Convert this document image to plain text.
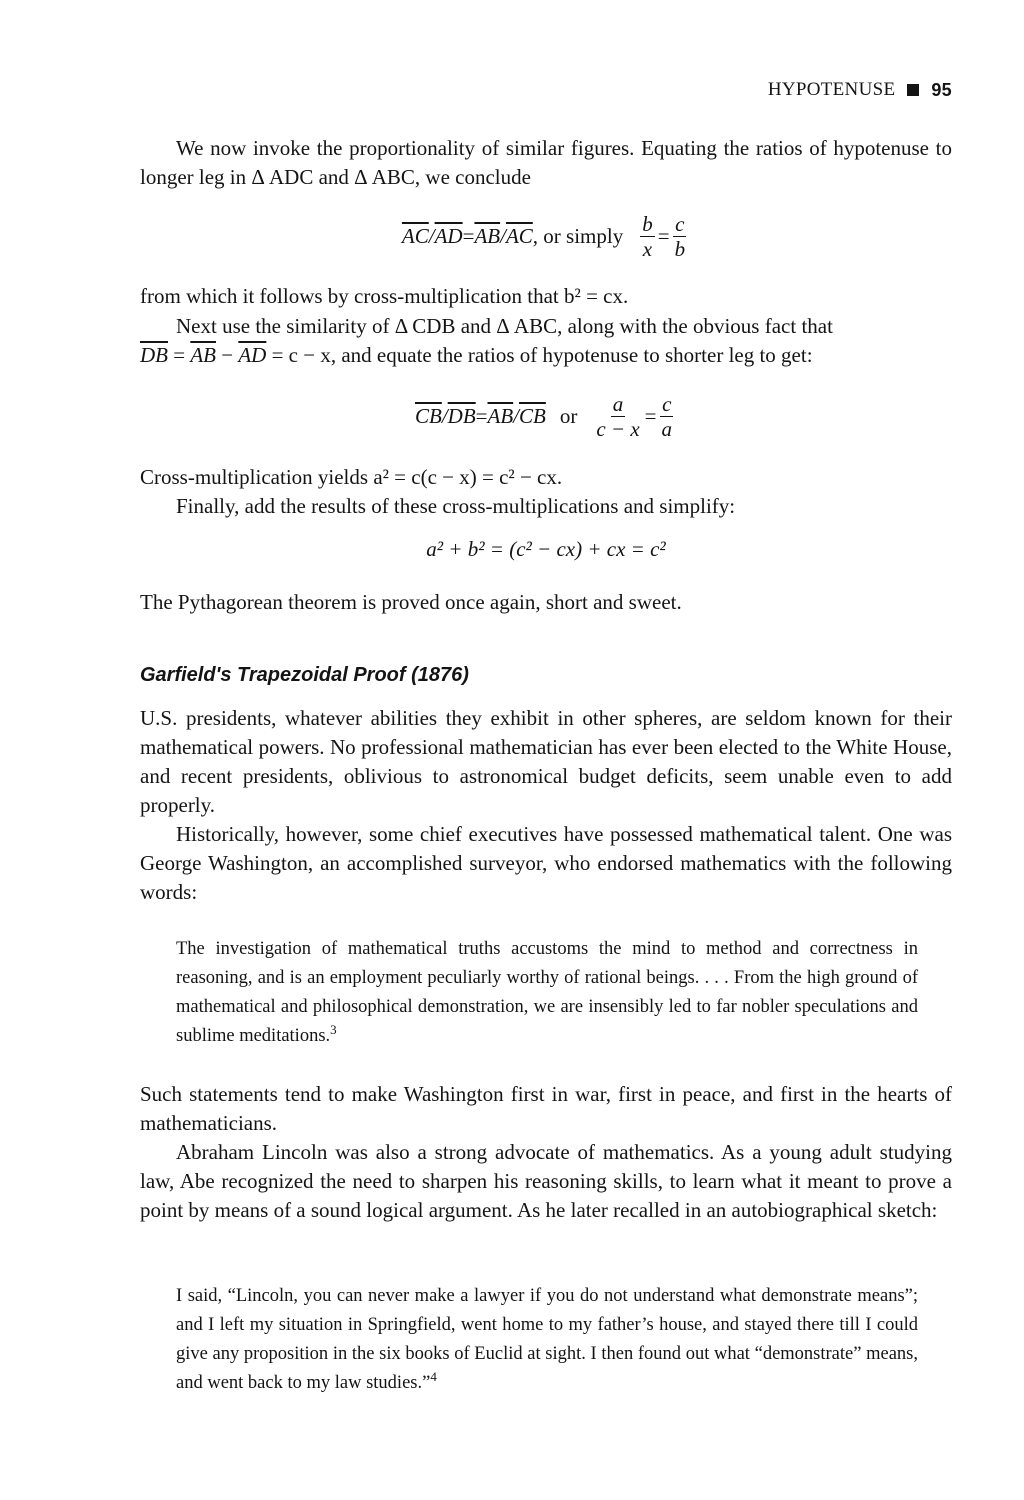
HYPOTENUSE 95

We now invoke the proportionality of similar figures. Equating the ratios of hypotenuse to longer leg in Δ ADC and Δ ABC, we conclude

$\overline{AC} / \overline{AD} = \overline{AB} / \overline{AC}$ , or simply $\frac{b}{x} = \frac{c}{b}$

from which it follows by cross-multiplication that b² = cx.

Next use the similarity of Δ CDB and Δ ABC, along with the obvious fact that

$\overline{DB} = \overline{AB} - \overline{AD} = c - x$, and equate the ratios of hypotenuse to shorter leg to get:

$\overline{CB} / \overline{DB} = \overline{AB} / \overline{CB}$ or $\frac{a}{c - x} = \frac{c}{a}$

Cross-multiplication yields a² = c(c − x) = c² − cx.

Finally, add the results of these cross-multiplications and simplify:

a² + b² = (c² − cx) + cx = c²

The Pythagorean theorem is proved once again, short and sweet.

Garfield's Trapezoidal Proof (1876)

U.S. presidents, whatever abilities they exhibit in other spheres, are seldom known for their mathematical powers. No professional mathematician has ever been elected to the White House, and recent presidents, oblivious to astronomical budget deficits, seem unable even to add properly.

Historically, however, some chief executives have possessed mathematical talent. One was George Washington, an accomplished surveyor, who endorsed mathematics with the following words:

The investigation of mathematical truths accustoms the mind to method and correctness in reasoning, and is an employment peculiarly worthy of rational beings. . . . From the high ground of mathematical and philosophical demonstration, we are insensibly led to far nobler speculations and sublime meditations.$^3$

Such statements tend to make Washington first in war, first in peace, and first in the hearts of mathematicians.

Abraham Lincoln was also a strong advocate of mathematics. As a young adult studying law, Abe recognized the need to sharpen his reasoning skills, to learn what it meant to prove a point by means of a sound logical argument. As he later recalled in an autobiographical sketch:

I said, “Lincoln, you can never make a lawyer if you do not understand what demonstrate means”; and I left my situation in Springfield, went home to my father’s house, and stayed there till I could give any proposition in the six books of Euclid at sight. I then found out what “demonstrate” means, and went back to my law studies.”$^4$
